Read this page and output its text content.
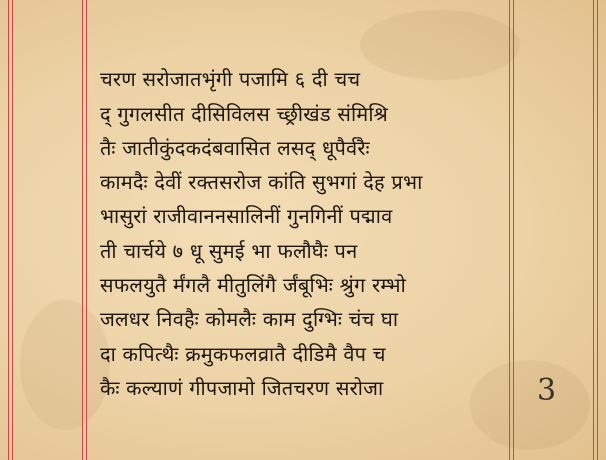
चरण सरोजातभृंगी पजामि ६ दी चच
द् गुगलसीत दीसिविलस च्छ्रीखंड संमिश्रि
तैः जातीकुंदकदंबवासित लसद् धूपैर्वरैः
कामदैः देवीं रक्तसरोज कांति सुभगां देह प्रभा
भासुरां राजीवाननसालिनीं गुनगिनीं पद्माव
ती चार्चये ७ धू सुमई भा फलौघैः पन
सफलयुतै र्मंगलै मीतुलिंगै र्जंबूभिः श्रुंग रम्भो
जलधर निवहैः कोमलैः काम दुग्भिः चंच घा
दा कपित्थैः क्रमुकफलव्रातै दीडिमै वैप च
कैः कल्याणं गीपजामो जितचरण सरोजा	3
